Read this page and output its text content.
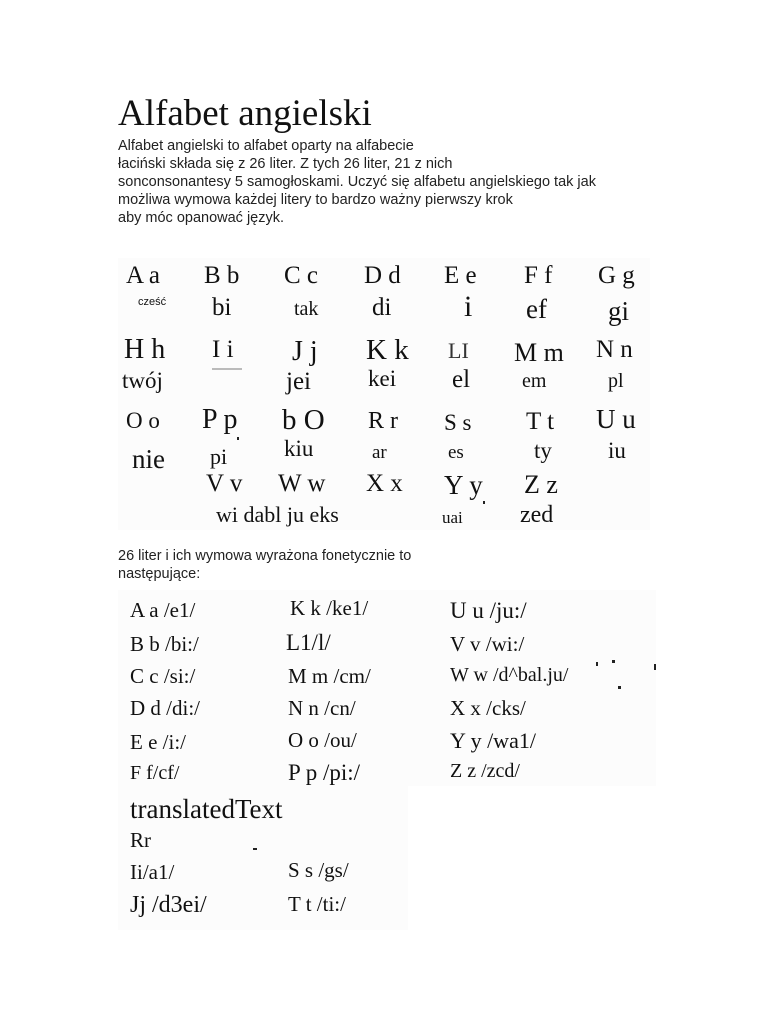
Alfabet angielski
Alfabet angielski to alfabet oparty na alfabecie
łaciński składa się z 26 liter. Z tych 26 liter, 21 z nich
sonconsonantesy 5 samogłoskami. Uczyć się alfabetu angielskiego tak jak
możliwa wymowa każdej litery to bardzo ważny pierwszy krok
aby móc opanować język.
A a
cześć
B b
bi
C c
tak
D d
di
E e
i
F f
ef
G g
gi
H h
twój
I i J j
jei
K k
kei
LI
el
M m
em
N n
pl
O o
nie
P p
pi
b O
kiu
R r
ar
S s
es
T t
ty
U u
iu
V v W w X x
wi dabl ju eks
Y y
uai
Z z
zed
26 liter i ich wymowa wyrażona fonetycznie to
następujące:
A a /e1/
B b /bi:/
C c /si:/
D d /di:/
E e /i:/
F f/cf/
translatedText
Rr
Ii/a1/
Jj /d3ei/
K k /ke1/
L1/l/
M m /cm/
N n /cn/
O o /ou/
P p /pi:/
S s /gs/
T t /ti:/
U u /ju:/
V v /wi:/
W w /d^bal.ju/
X x /cks/
Y y /wa1/
Z z /zcd/
